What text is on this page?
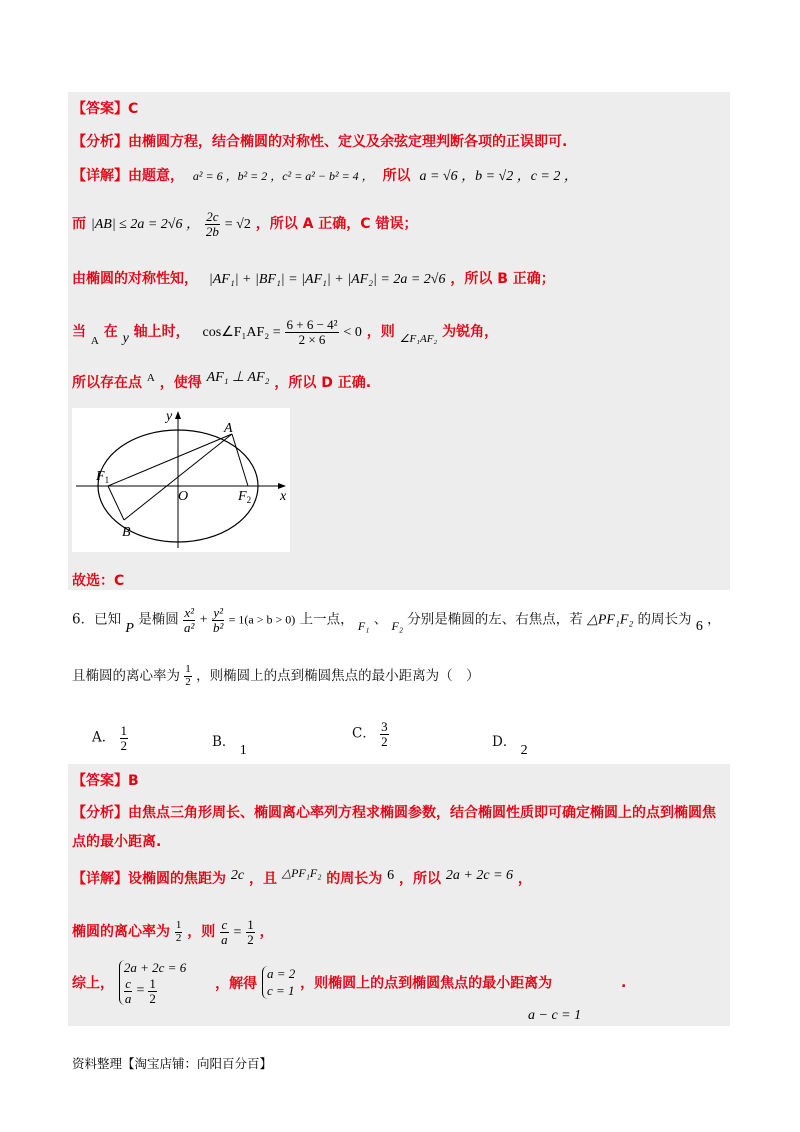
【答案】C
【分析】由椭圆方程，结合椭圆的对称性、定义及余弦定理判断各项的正误即可.
【详解】由题意， a² = 6 ，b² = 2 ，c² = a² − b² = 4 ， 所以 a = √6 ，b = √2 ，c = 2 ，
而 |AB| ≤ 2a = 2√6 ， $\frac{2c}{2b} = √2$ ，所以 A 正确，C 错误；
由椭圆的对称性知， |AF₁| + |BF₁| = |AF₁| + |AF₂| = 2a = 2√6 ，所以 B 正确；
当 $_A$ 在 y 轴上时， cos∠F₁AF₂ = $\frac{\text{6 + 6 − 4²}}{2 \times 6} < 0$ ，则 $_{\angle F_1AF_2}$ 为锐角，
所以存在点 $^A$ ，使得 AF₁ ⊥ AF₂ ，所以 D 正确.
y
x
A
B
O
$F_1$
$F_2$
故选：C
6．已知 P 是椭圆 $\frac{\text{x²}}{\text{a²}} + \frac{\text{y²}}{\text{b²}} = 1(a > b > 0)$ 上一点， F₁ 、 F₂ 分别是椭圆的左、右焦点，若 △PF₁F₂ 的周长为 6 ，
且椭圆的离心率为 $\frac{1}{2}$ ，则椭圆上的点到椭圆焦点的最小距离为（　）
A． $\frac{1}{2}$	B． 1
C． $\frac{3}{2}$	D． 2
【答案】B
【分析】由焦点三角形周长、椭圆离心率列方程求椭圆参数，结合椭圆性质即可确定椭圆上的点到椭圆焦
点的最小距离.
【详解】设椭圆的焦距为 2c ，且 △PF₁F₂ 的周长为 6 ，所以 2a + 2c = 6 ，
椭圆的离心率为 $\frac{1}{2}$ ，则 $\frac{c}{a} = \frac{1}{2}$ ，
综上，
2a + 2c = 6
$\frac{c}{a} = \frac{1}{2}$	，解得
a = 2
c = 1 ，则椭圆上的点到椭圆焦点的最小距离为	.
a − c = 1
资料整理【淘宝店铺：向阳百分百】
